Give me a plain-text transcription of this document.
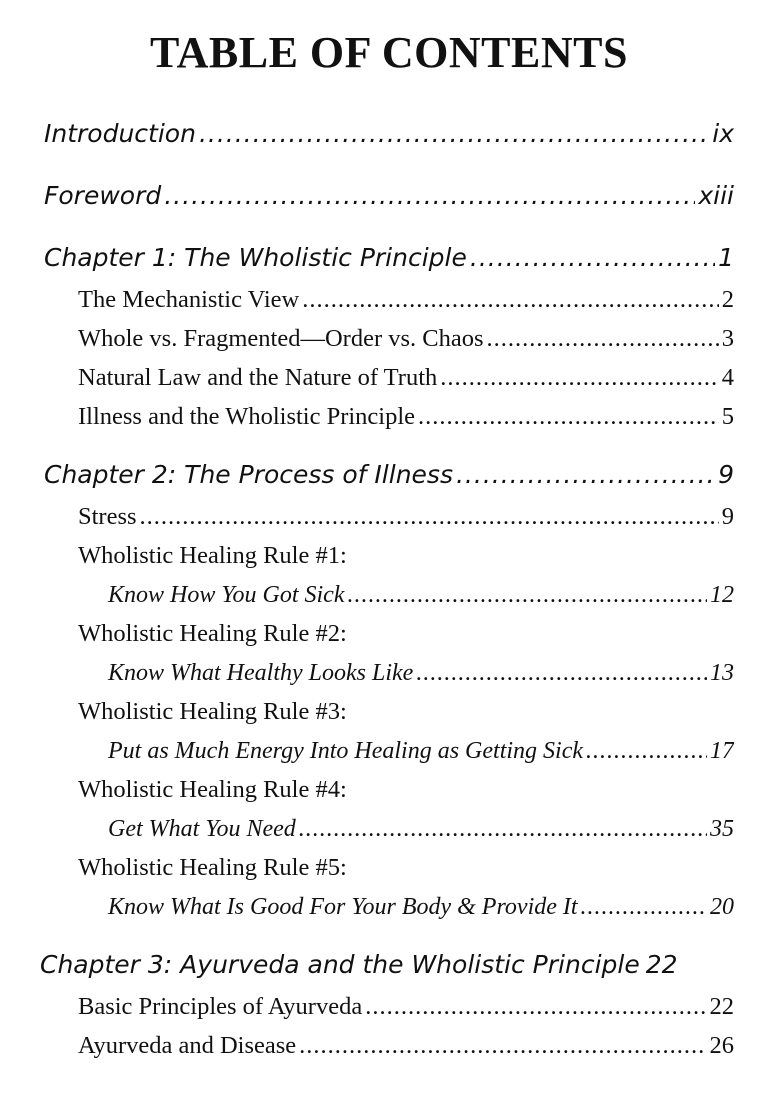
TABLE OF CONTENTS
Introduction .....	ix
Foreword .....	xiii
Chapter 1: The Wholistic Principle .....	1
The Mechanistic View .....	2
Whole vs. Fragmented—Order vs. Chaos .....	3
Natural Law and the Nature of Truth .....	4
Illness and the Wholistic Principle .....	5
Chapter 2: The Process of Illness .....	9
Stress .....	9
Wholistic Healing Rule #1:
Know How You Got Sick .....	12
Wholistic Healing Rule #2:
Know What Healthy Looks Like .....	13
Wholistic Healing Rule #3:
Put as Much Energy Into Healing as Getting Sick .....	17
Wholistic Healing Rule #4:
Get What You Need .....	35
Wholistic Healing Rule #5:
Know What Is Good For Your Body & Provide It .....	20
Chapter 3: Ayurveda and the Wholistic Principle 22
Basic Principles of Ayurveda .....	22
Ayurveda and Disease .....	26
